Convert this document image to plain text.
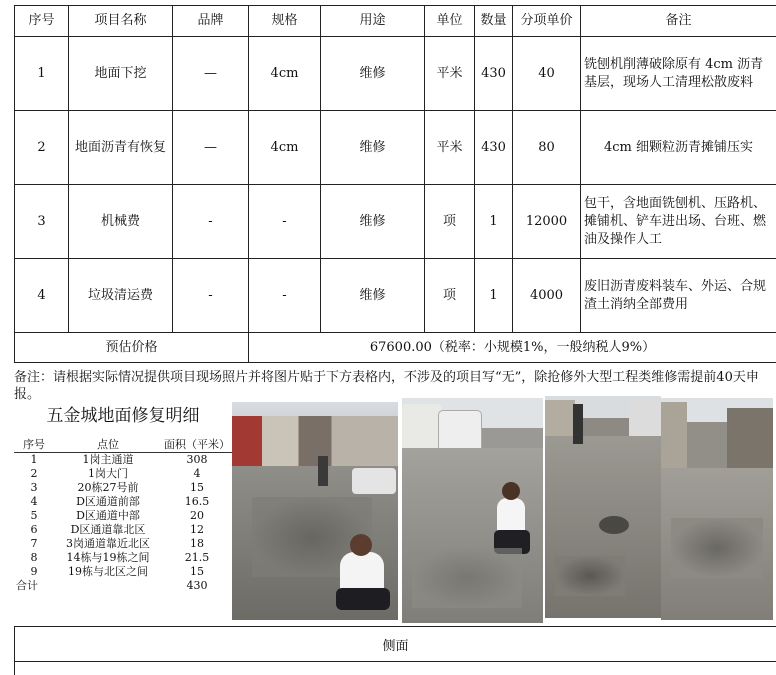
序号	项目名称	品牌	规格	用途	单位	数量	分项单价	备注
1	地面下挖	—	4cm	维修	平米	430	40	铣刨机削薄破除原有 4cm 沥青基层，现场人工清理松散废料
2	地面沥青有恢复	—	4cm	维修	平米	430	80	4cm 细颗粒沥青摊铺压实
3	机械费	-	-	维修	项	1	12000	包干，含地面铣刨机、压路机、摊铺机、铲车进出场、台班、燃油及操作人工
4	垃圾清运费	-	-	维修	项	1	4000	废旧沥青废料装车、外运、合规渣土消纳全部费用
预估价格			67600.00（税率：小规模1%，一般纳税人9%）					
备注：请根据实际情况提供项目现场照片并将图片贴于下方表格内，不涉及的项目写“无”，除抢修外大型工程类维修需提前40天申报。
五金城地面修复明细
序号	点位	面积（平米）
1	1岗主通道	308
2	1岗大门	4
3	20栋27号前	15
4	D区通道前部	16.5
5	D区通道中部	20
6	D区通道靠北区	12
7	3岗通道靠近北区	18
8	14栋与19栋之间	21.5
9	19栋与北区之间	15
合计		430
侧面
